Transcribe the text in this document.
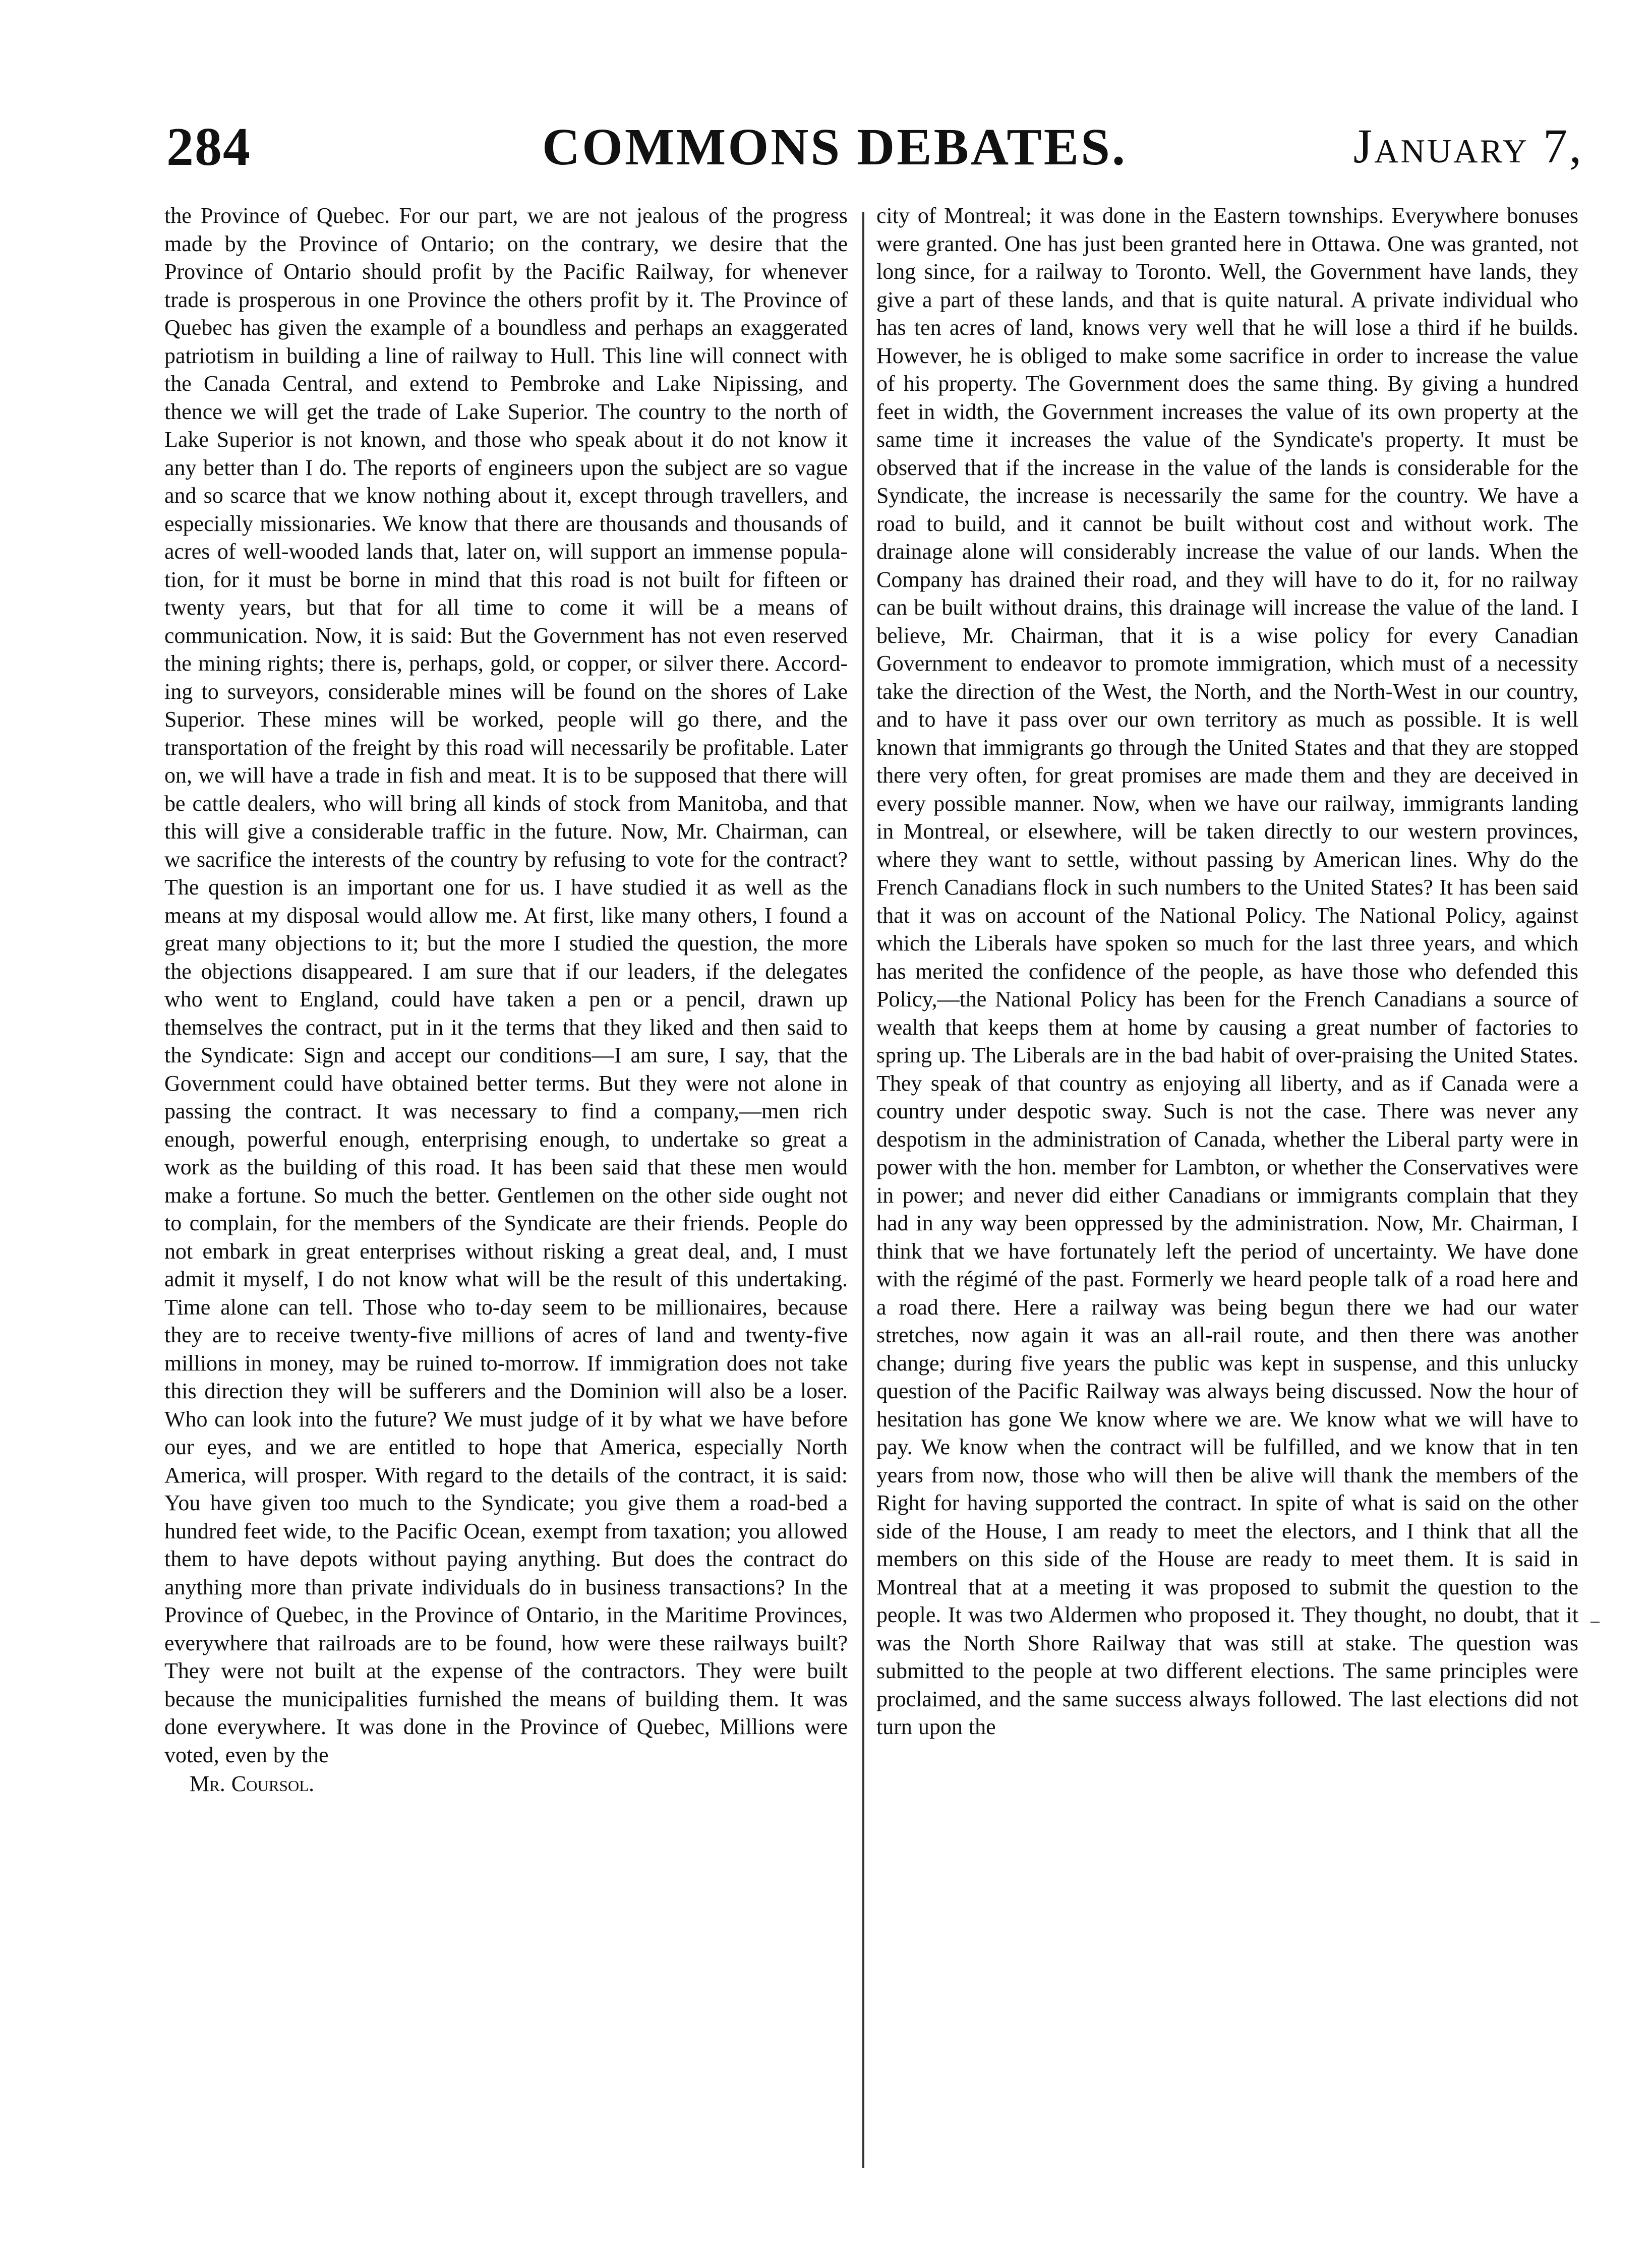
284	COMMONS DEBATES.	January 7,

the Province of Quebec. For our part, we are not jealous of the progress made by the Province of Ontario; on the contrary, we desire that the Province of Ontario should profit by the Pacific Railway, for whenever trade is prosperous in one Province the others profit by it. The Province of Quebec has given the example of a boundless and perhaps an exaggerated patriotism in building a line of railway to Hull. This line will connect with the Canada Central, and extend to Pembroke and Lake Nipissing, and thence we will get the trade of Lake Superior. The country to the north of Lake Superior is not known, and those who speak about it do not know it any better than I do. The reports of engineers upon the subject are so vague and so scarce that we know nothing about it, except through travellers, and especially missionaries. We know that there are thousands and thousands of acres of well-wooded lands that, later on, will support an immense population, for it must be borne in mind that this road is not built for fifteen or twenty years, but that for all time to come it will be a means of communication. Now, it is said: But the Government has not even reserved the mining rights; there is, perhaps, gold, or copper, or silver there. According to surveyors, considerable mines will be found on the shores of Lake Superior. These mines will be worked, people will go there, and the transportation of the freight by this road will necessarily be profitable. Later on, we will have a trade in fish and meat. It is to be supposed that there will be cattle dealers, who will bring all kinds of stock from Manitoba, and that this will give a considerable traffic in the future. Now, Mr. Chairman, can we sacrifice the interests of the country by refusing to vote for the contract? The question is an important one for us. I have studied it as well as the means at my disposal would allow me. At first, like many others, I found a great many objections to it; but the more I studied the question, the more the objections disappeared. I am sure that if our leaders, if the delegates who went to England, could have taken a pen or a pencil, drawn up themselves the contract, put in it the terms that they liked and then said to the Syndicate: Sign and accept our conditions—I am sure, I say, that the Government could have obtained better terms. But they were not alone in passing the contract. It was necessary to find a company,—men rich enough, powerful enough, enterprising enough, to undertake so great a work as the building of this road. It has been said that these men would make a fortune. So much the better. Gentlemen on the other side ought not to complain, for the members of the Syndicate are their friends. People do not embark in great enterprises without risking a great deal, and, I must admit it myself, I do not know what will be the result of this undertaking. Time alone can tell. Those who to-day seem to be millionaires, because they are to receive twenty-five millions of acres of land and twenty-five millions in money, may be ruined to-morrow. If immigration does not take this direction they will be sufferers and the Dominion will also be a loser. Who can look into the future? We must judge of it by what we have before our eyes, and we are entitled to hope that America, especially North America, will prosper. With regard to the details of the contract, it is said: You have given too much to the Syndicate; you give them a road-bed a hundred feet wide, to the Pacific Ocean, exempt from taxation; you allowed them to have depots without paying anything. But does the contract do anything more than private individuals do in business transactions? In the Province of Quebec, in the Province of Ontario, in the Maritime Provinces, everywhere that railroads are to be found, how were these railways built? They were not built at the expense of the contractors. They were built because the municipalities furnished the means of building them. It was done everywhere. It was done in the Province of Quebec, Millions were voted, even by the

Mr. Coursol.

city of Montreal; it was done in the Eastern townships. Everywhere bonuses were granted. One has just been granted here in Ottawa. One was granted, not long since, for a railway to Toronto. Well, the Government have lands, they give a part of these lands, and that is quite natural. A private individual who has ten acres of land, knows very well that he will lose a third if he builds. However, he is obliged to make some sacrifice in order to increase the value of his property. The Government does the same thing. By giving a hundred feet in width, the Government increases the value of its own property at the same time it increases the value of the Syndicate's property. It must be observed that if the increase in the value of the lands is considerable for the Syndicate, the increase is necessarily the same for the country. We have a road to build, and it cannot be built without cost and without work. The drainage alone will considerably increase the value of our lands. When the Company has drained their road, and they will have to do it, for no railway can be built without drains, this drainage will increase the value of the land. I believe, Mr. Chairman, that it is a wise policy for every Canadian Government to endeavor to promote immigration, which must of a necessity take the direction of the West, the North, and the North-West in our country, and to have it pass over our own territory as much as possible. It is well known that immigrants go through the United States and that they are stopped there very often, for great promises are made them and they are deceived in every possible manner. Now, when we have our railway, immigrants landing in Montreal, or elsewhere, will be taken directly to our western provinces, where they want to settle, without passing by American lines. Why do the French Canadians flock in such numbers to the United States? It has been said that it was on account of the National Policy. The National Policy, against which the Liberals have spoken so much for the last three years, and which has merited the confidence of the people, as have those who defended this Policy,—the National Policy has been for the French Canadians a source of wealth that keeps them at home by causing a great number of factories to spring up. The Liberals are in the bad habit of over-praising the United States. They speak of that country as enjoying all liberty, and as if Canada were a country under despotic sway. Such is not the case. There was never any despotism in the administration of Canada, whether the Liberal party were in power with the hon. member for Lambton, or whether the Conservatives were in power; and never did either Canadians or immigrants complain that they had in any way been oppressed by the administration. Now, Mr. Chairman, I think that we have fortunately left the period of uncertainty. We have done with the régimé of the past. Formerly we heard people talk of a road here and a road there. Here a railway was being begun there we had our water stretches, now again it was an all-rail route, and then there was another change; during five years the public was kept in suspense, and this unlucky question of the Pacific Railway was always being discussed. Now the hour of hesitation has gone We know where we are. We know what we will have to pay. We know when the contract will be fulfilled, and we know that in ten years from now, those who will then be alive will thank the members of the Right for having supported the contract. In spite of what is said on the other side of the House, I am ready to meet the electors, and I think that all the members on this side of the House are ready to meet them. It is said in Montreal that at a meeting it was proposed to submit the question to the people. It was two Aldermen who proposed it. They thought, no doubt, that it was the North Shore Railway that was still at stake. The question was submitted to the people at two different elections. The same principles were proclaimed, and the same success always followed. The last elections did not turn upon the
